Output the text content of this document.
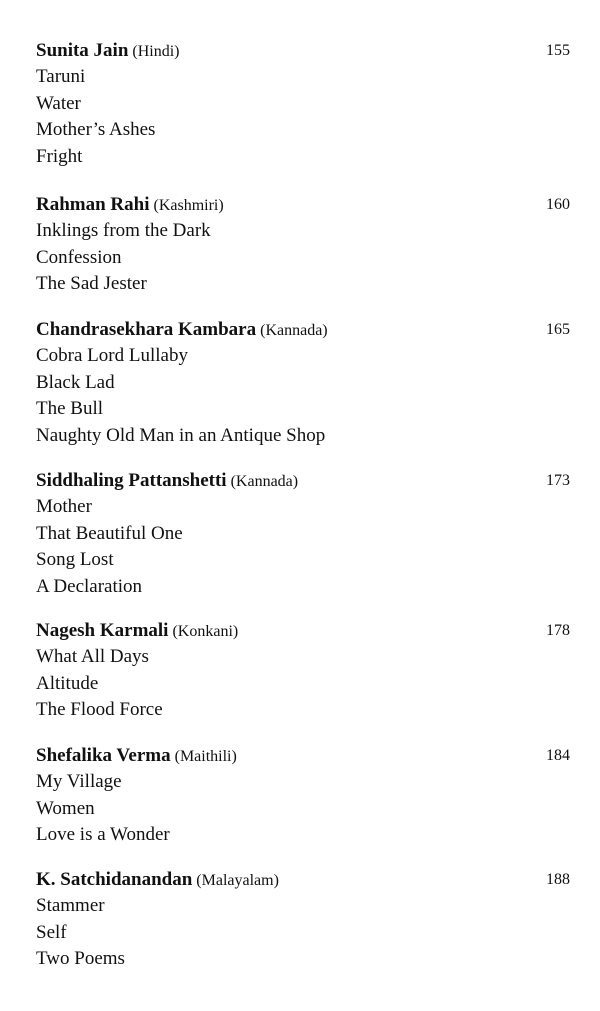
Sunita Jain (Hindi)	155
Taruni
Water
Mother’s Ashes
Fright
Rahman Rahi (Kashmiri)	160
Inklings from the Dark
Confession
The Sad Jester
Chandrasekhara Kambara (Kannada)	165
Cobra Lord Lullaby
Black Lad
The Bull
Naughty Old Man in an Antique Shop
Siddhaling Pattanshetti (Kannada)	173
Mother
That Beautiful One
Song Lost
A Declaration
Nagesh Karmali (Konkani)	178
What All Days
Altitude
The Flood Force
Shefalika Verma (Maithili)	184
My Village
Women
Love is a Wonder
K. Satchidanandan (Malayalam)	188
Stammer
Self
Two Poems
